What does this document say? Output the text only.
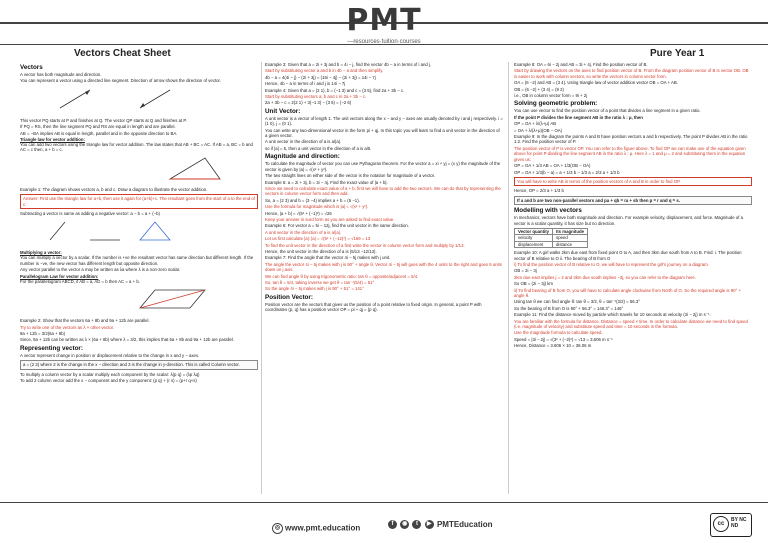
PMT
—resources·tuition·courses
Vectors Cheat Sheet	Pure Year 1
Vectors

A vector has both magnitude and direction.

You can represent a vector using a directed line segment. Direction of arrow shows the direction of vector.

This vector PQ starts at P and finishes at Q. The vector QP starts at Q and finishes at P.

If PQ = RS, then the line segment PQ and RS are equal in length and are parallel.

AB = −BA implies AB is equal in length, parallel and in the opposite direction to BA.

Triangle law for vector addition:

You can add two vectors using the triangle law for vector addition. The law states that AB + BC = AC. If AB = a, BC = b and AC = c then, a + b = c.

Example 1: The diagram shows vectors a, b and c. Draw a diagram to illustrate the vector addition.

Answer: First use the triangle law for a+b, then use it again for (a+b)+c. The resultant goes from the start of a to the end of c.

Subtracting a vector is same as adding a negative vector: a − b = a + (−b)

Multiplying a vector:

You can multiply a vector by a scalar. If the number is +ve the resultant vector has same direction but different length. If the number is −ve, the new vector has different length but opposite direction.

Any vector parallel to the vector a may be written as λa where λ is a non-zero scalar.

Parallelogram Law for vector addition:

For the parallelogram ABCD, if AB = a, AD = b then AC = a + b.

Example 2: Show that the vectors 6a + 8b and 9a + 12b are parallel.

Try to write one of the vectors as λ × other vector.

9a + 12b = 3/2(6a + 8b)

Since, 9a + 12b can be written as λ × (6a + 8b) where λ = 3/2, this implies that 6a + 8b and 9a + 12b are parallel.

Representing vector:

A vector represent change in position or displacement relative to the change in x and y − axes.

a = (2 3) where 2 is the change in the x − direction and 3 is the change in y-direction. This is called Column vector.

To multiply a column vector by a scalar multiply each component by the scalar: λ(p q) = (λp λq)

To add 2 column vector add the x − component and the y component: (p q) + (r s) = (p+r q+s)

Example 3: Given that a = 2i + 3j and b = 4i − j, find the vector 4b − a in terms of i and j.

Start by substituting vector a and b in 4b − a and then simplify.

4b − a = 4(4i − j) − (2i + 3j) = (16i − 4j) − (2i + 3j) = 14i − 7j

Hence, 4b − a in terms of i and j is 14i − 7j

Example 4: Given that a = (2 1), b = (−1 3) and c = (3 5), find 2a + 3b − c.

Start by substituting vectors a, b and c in 2a + 3b − c.

2a + 3b − c = 2(2 1) + 3(−1 3) − (3 5) = (−2 6)

Unit Vector:

A unit vector is a vector of length 1. The unit vectors along the x − and y − axes are usually denoted by i and j respectively. i = (1 0), j = (0 1).

You can write any two-dimensional vector in the form pi + qj. In this topic you will learn to find a unit vector in the direction of a given vector.

A unit vector in the direction of a is a/|a|.

so if |a| = 5, then a unit vector in the direction of a is a/5.

Magnitude and direction:

To calculate the magnitude of vector you can use Pythagoras theorem. For the vector a = xi + yj = (x y) the magnitude of the vector is given by |a| = √(x² + y²).

The two straight lines on either side of the vector is the notation for magnitude of a vector.

Example 5: a = 2i + 3j, b = 3i − 4j. Find the exact value of |a + b|.

Since we need to calculate exact value of a + b, first we will have to add the two vectors. We can do that by representing the vectors in column vector form and then add.

So, a = (2 3) and b = (3 −4) implies a + b = (5 −1).

Use the formula for magnitude which is |a| = √(x² + y²).

Hence, |a + b| = √(5² + (−1)²) = √26

Keep your answer in surd form as you are asked to find exact value.

Example 6: For vector a = 5i − 12j, find the unit vector in the same direction.

A unit vector in the direction of a is a/|a|.

Let us first calculate |a|: |a| = √(5² + (−12)²) = √169 = 13

To find the unit vector in the direction of a first write the vector in column vector form and multiply by 1/13.

Hence, the unit vector in the direction of a is (5/13 −12/13).

Example 7: Find the angle that the vector 4i − 5j makes with j unit.

The angle the vector 4i − 5j makes with j is 90° + angle θ. Vector 4i − 5j will goes with the 4 units to the right and goes 5 units down on j axis.

We can find angle θ by using trigonometric ratio: tan θ = opposite/adjacent = 5/4.

So, tan θ = 5/4, taking inverse we get θ = tan⁻¹(5/4) = 51°

So the angle 4i − 5j makes with j is 90° + 51° = 141°

Position Vector:

Position vector are the vectors that gives us the position of a point relative to fixed origin. In general, a point P with coordinates (p, q) has a position vector OP = pi + qj = (p q).

Example 8: OA = 6i − 2j and AB = 3i + 4j. Find the position vector of B.

Start by drawing the vectors on the axes to find position vector of B. From the diagram position vector of B is vector OB. OB is easier to work with column vectors, so write the vectors in column vector form.

OA = (6 −2) and AB = (3 4). Using triangle law of vector addition vector OB = OA + AB.

OB = (6 −2) + (3 4) = (9 2)

i.e., OB in column vector form = 9i + 2j

Solving geometric problem:

You can use vector to find the position vector of a point that divides a line segment in a given ratio.

If the point P divides the line segment AB in the ratio λ : μ, then

OP = OA + λ/(λ+μ) AB

= OA + λ/(λ+μ)(OB − OA)

Example 9: In the diagram the points A and B have position vectors a and b respectively. The point P divides AB in the ratio 1:2. Find the position vector of P.

The position vector of P is vector OP. You can refer to the figure above. To find OP we can make use of the equation given above for point P dividing the line segment AB in the ratio λ : μ. Here λ = 1 and μ = 2 and substituting them in the equation gives us:

OP = OA + 1/3 AB = OA + 1/3(OB − OA)

OP = OA + 1/3(b − a) = a + 1/3 b − 1/3 a = 2/3 a + 1/3 b

You will have to write AB in terms of the position vectors of A and B in order to find OP.

Hence, OP = 2/3 a + 1/3 b

If a and b are two non-parallel vectors and pa + qb = ra + sb then p = r and q = s.
Modelling with vectors

In mechanics, vectors have both magnitude and direction. For example velocity, displacement, and force. Magnitude of a vector is a scalar quantity, it has size but no direction.

Vector quantity	Its magnitude
velocity	speed
displacement	distance

Example 10: A girl walks 2km due east from fixed point O to A, and then 3km due south from A to B. Find: i. The position vector of B relative to O ii. The bearing of B from O

i) To find the position vector of B relative to O, we will have to represent the girl's journey on a diagram.

OB = 2i − 3j

2km due east implies j = 2 and 3km due south implies −3j, so you can refer to the diagram here.

So OB = (2i − 3j) km

ii) To find bearing of B from O, you will have to calculate angle clockwise from North of O. So the required angle is 90° + angle θ.

Using tan θ we can find angle θ: tan θ = 3/2, θ = tan⁻¹(3/2) = 56.3°

So the bearing of B from O is 90° + 56.3° = 146.3° = 146°

Example 11: Find the distance moved by particle which travels for 10 seconds at velocity (3i − 2j) m s⁻¹.

You are familiar with the formula for distance. Distance = speed × time. In order to calculate distance we need to find speed (i.e. magnitude of velocity) and substitute speed and time = 10 seconds in the formula.

Use the magnitude formula to calculate speed.

Speed = |3i − 2j| = √(3² + (−2)²) = √13 = 3.606 m s⁻¹

Hence, Distance = 3.606 × 10 = 36.06 m

◎ www.pmt.education	f ◉ t ▶ PMTEducation	cc
BY NC ND
